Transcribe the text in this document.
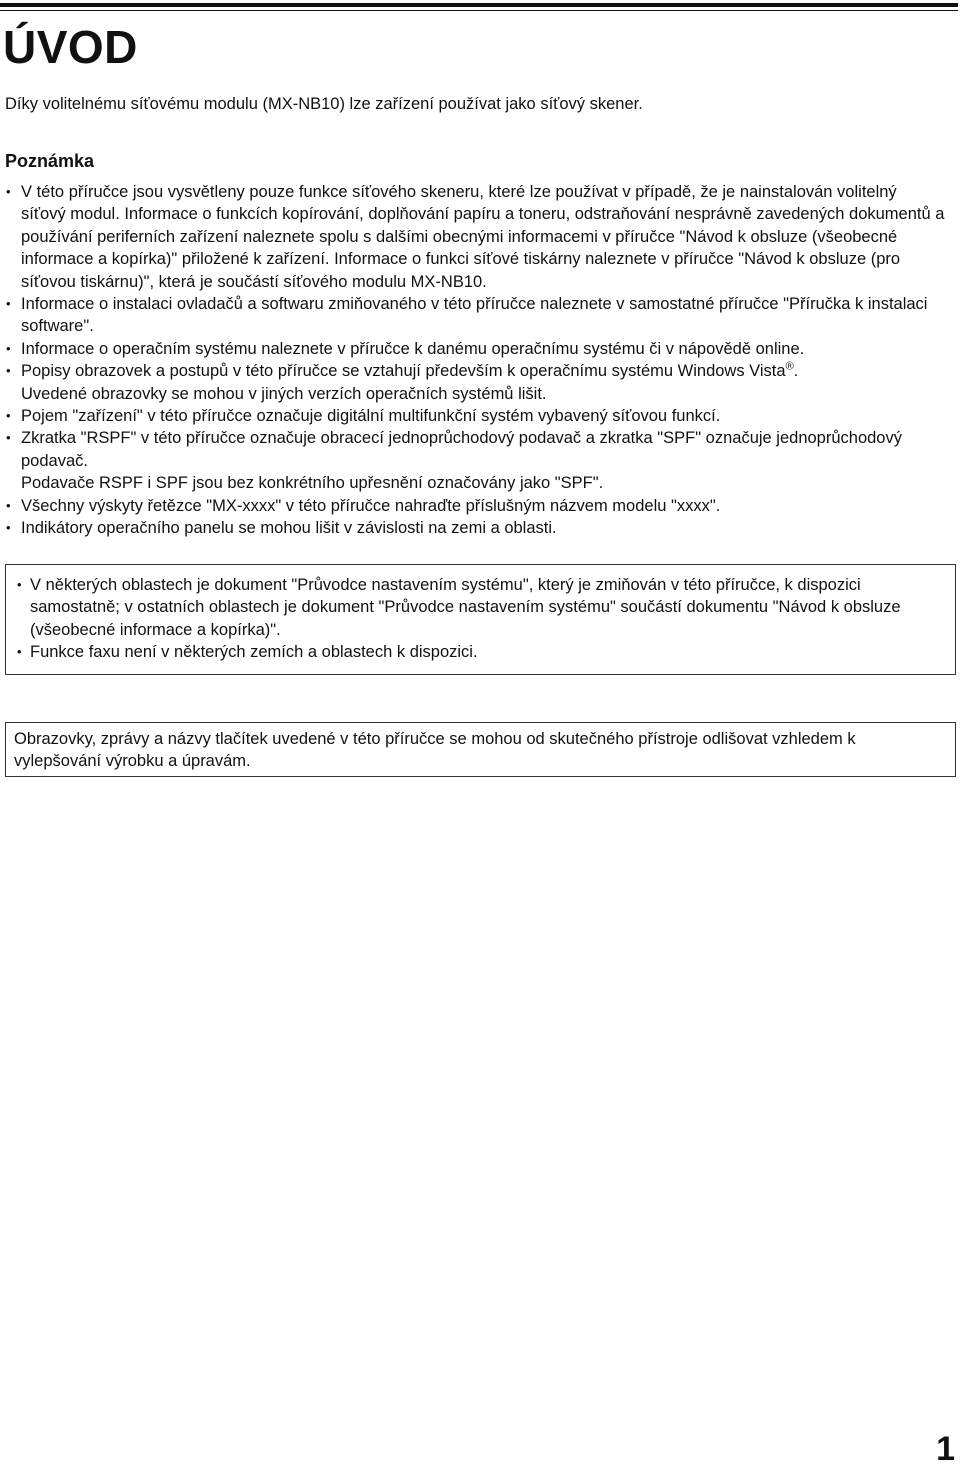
ÚVOD
Díky volitelnému síťovému modulu (MX-NB10) lze zařízení používat jako síťový skener.
Poznámka
• V této příručce jsou vysvětleny pouze funkce síťového skeneru, které lze používat v případě, že je nainstalován volitelný síťový modul. Informace o funkcích kopírování, doplňování papíru a toneru, odstraňování nesprávně zavedených dokumentů a používání periferních zařízení naleznete spolu s dalšími obecnými informacemi v příručce "Návod k obsluze (všeobecné informace a kopírka)" přiložené k zařízení. Informace o funkci síťové tiskárny naleznete v příručce "Návod k obsluze (pro síťovou tiskárnu)", která je součástí síťového modulu MX-NB10.
• Informace o instalaci ovladačů a softwaru zmiňovaného v této příručce naleznete v samostatné příručce "Příručka k instalaci software".
• Informace o operačním systému naleznete v příručce k danému operačnímu systému či v nápovědě online.
• Popisy obrazovek a postupů v této příručce se vztahují především k operačnímu systému Windows Vista®.
Uvedené obrazovky se mohou v jiných verzích operačních systémů lišit.
• Pojem "zařízení" v této příručce označuje digitální multifunkční systém vybavený síťovou funkcí.
• Zkratka "RSPF" v této příručce označuje obracecí jednoprůchodový podavač a zkratka "SPF" označuje jednoprůchodový podavač.
Podavače RSPF i SPF jsou bez konkrétního upřesnění označovány jako "SPF".
• Všechny výskyty řetězce "MX-xxxx" v této příručce nahraďte příslušným názvem modelu "xxxx".
• Indikátory operačního panelu se mohou lišit v závislosti na zemi a oblasti.
• V některých oblastech je dokument "Průvodce nastavením systému", který je zmiňován v této příručce, k dispozici samostatně; v ostatních oblastech je dokument "Průvodce nastavením systému" součástí dokumentu "Návod k obsluze (všeobecné informace a kopírka)".
• Funkce faxu není v některých zemích a oblastech k dispozici.
Obrazovky, zprávy a názvy tlačítek uvedené v této příručce se mohou od skutečného přístroje odlišovat vzhledem k vylepšování výrobku a úpravám.
1
